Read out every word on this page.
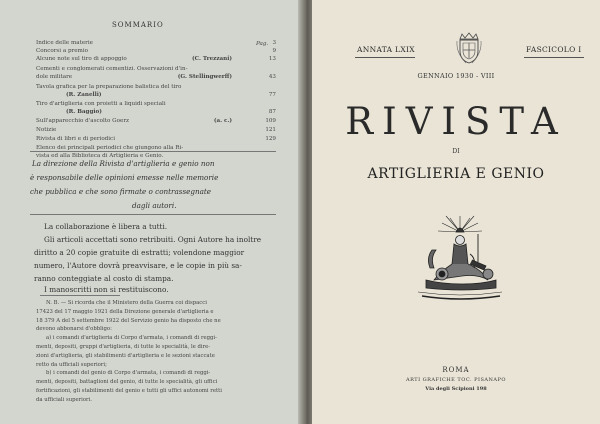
SOMMARIO
Pag.
Indice delle materie	3
Concorsi a premio	9
Alcune note sul tiro di appoggio	(C. Trezzani)	13
Cementi e conglomerati cementizi. Osservazioni d'in-
dole militare	(G. Stellingwerff)	43
Tavola grafica per la preparazione balistica del tiro
(R. Zanelli)	77
Tiro d'artiglieria con proietti a liquidi speciali
(R. Baggio)	87
Sull'apparecchio d'ascolto Goerz	(a. c.)	109
Notizie	121
Rivista di libri e di periodici	129
Elenco dei principali periodici che giungono alla Ri-
vista ed alla Biblioteca di Artiglieria e Genio.
La direzione della Rivista d'artiglieria e genio non
è responsabile delle opinioni emesse nelle memorie
che pubblica e che sono firmate o contrassegnate
dagli autori.
La collaborazione è libera a tutti.
Gli articoli accettati sono retribuiti. Ogni Autore ha inoltre
diritto a 20 copie gratuite di estratti; volendone maggior
numero, l'Autore dovrà preavvisare, e le copie in più sa-
ranno conteggiate al costo di stampa.
I manoscritti non si restituiscono.
N. B. — Si ricorda che il Ministero della Guerra coi dispacci
17423 del 17 maggio 1921 della Direzione generale d'artiglieria e
18 379 A del 5 settembre 1922 del Servizio genio ha disposto che ne
devono abbonarsi d'obbligo:
a) i comandi d'artiglieria di Corpo d'armata, i comandi di reggi-
menti, depositi, gruppi d'artiglieria, di tutte le specialità, le dire-
zioni d'artiglieria, gli stabilimenti d'artiglieria e le sezioni staccate
retto da ufficiali superiori;
b) i comandi del genio di Corpo d'armata, i comandi di reggi-
menti, depositi, battaglioni del genio, di tutte le specialità, gli uffici
fortificazioni, gli stabilimenti del genio e tutti gli uffici autonomi retti
da ufficiali superiori.
ANNATA LXIX	FASCICOLO I
GENNAIO 1930 - VIII
RIVISTA
DI
ARTIGLIERIA E GENIO
ROMA
ARTI GRAFICHE TOC. PISANAPO
Via degli Scipioni 198
